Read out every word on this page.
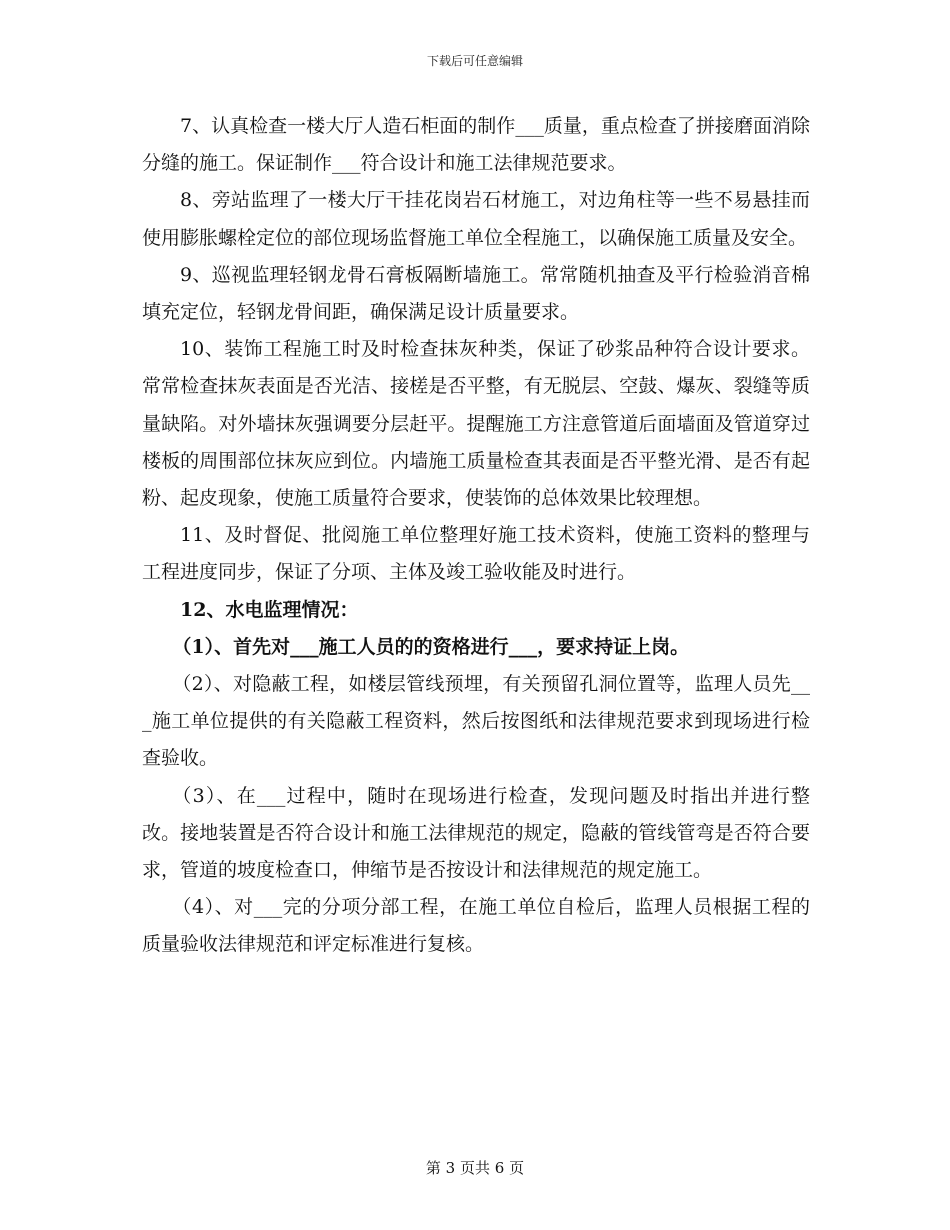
下载后可任意编辑

7、认真检查一楼大厅人造石柜面的制作___质量，重点检查了拼接磨面消除分缝的施工。保证制作___符合设计和施工法律规范要求。

8、旁站监理了一楼大厅干挂花岗岩石材施工，对边角柱等一些不易悬挂而使用膨胀螺栓定位的部位现场监督施工单位全程施工，以确保施工质量及安全。

9、巡视监理轻钢龙骨石膏板隔断墙施工。常常随机抽查及平行检验消音棉填充定位，轻钢龙骨间距，确保满足设计质量要求。

10、装饰工程施工时及时检查抹灰种类，保证了砂浆品种符合设计要求。常常检查抹灰表面是否光洁、接槎是否平整，有无脱层、空鼓、爆灰、裂缝等质量缺陷。对外墙抹灰强调要分层赶平。提醒施工方注意管道后面墙面及管道穿过楼板的周围部位抹灰应到位。内墙施工质量检查其表面是否平整光滑、是否有起粉、起皮现象，使施工质量符合要求，使装饰的总体效果比较理想。

11、及时督促、批阅施工单位整理好施工技术资料，使施工资料的整理与工程进度同步，保证了分项、主体及竣工验收能及时进行。

12、水电监理情况：

（1）、首先对___施工人员的的资格进行___，要求持证上岗。

（2）、对隐蔽工程，如楼层管线预埋，有关预留孔洞位置等，监理人员先___施工单位提供的有关隐蔽工程资料，然后按图纸和法律规范要求到现场进行检查验收。

（3）、在___过程中，随时在现场进行检查，发现问题及时指出并进行整改。接地装置是否符合设计和施工法律规范的规定，隐蔽的管线管弯是否符合要求，管道的坡度检查口，伸缩节是否按设计和法律规范的规定施工。

（4）、对___完的分项分部工程，在施工单位自检后，监理人员根据工程的质量验收法律规范和评定标准进行复核。

第 3 页共 6 页
